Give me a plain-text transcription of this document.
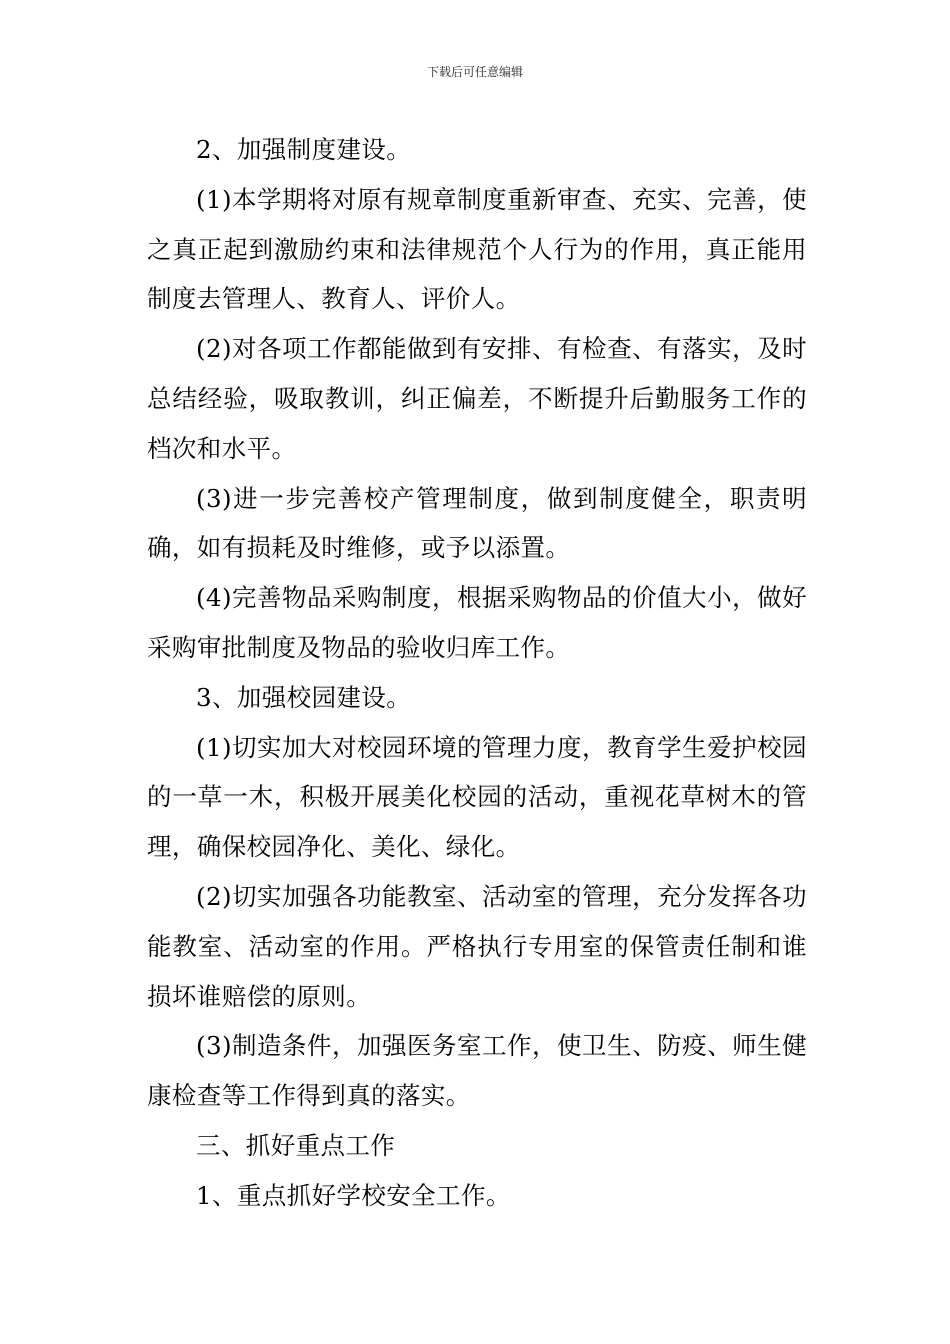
下载后可任意编辑

2、加强制度建设。

(1)本学期将对原有规章制度重新审查、充实、完善，使之真正起到激励约束和法律规范个人行为的作用，真正能用制度去管理人、教育人、评价人。

(2)对各项工作都能做到有安排、有检查、有落实，及时总结经验，吸取教训，纠正偏差，不断提升后勤服务工作的档次和水平。

(3)进一步完善校产管理制度，做到制度健全，职责明确，如有损耗及时维修，或予以添置。

(4)完善物品采购制度，根据采购物品的价值大小，做好采购审批制度及物品的验收归库工作。

3、加强校园建设。

(1)切实加大对校园环境的管理力度，教育学生爱护校园的一草一木，积极开展美化校园的活动，重视花草树木的管理，确保校园净化、美化、绿化。

(2)切实加强各功能教室、活动室的管理，充分发挥各功能教室、活动室的作用。严格执行专用室的保管责任制和谁损坏谁赔偿的原则。

(3)制造条件，加强医务室工作，使卫生、防疫、师生健康检查等工作得到真的落实。

三、抓好重点工作

1、重点抓好学校安全工作。
